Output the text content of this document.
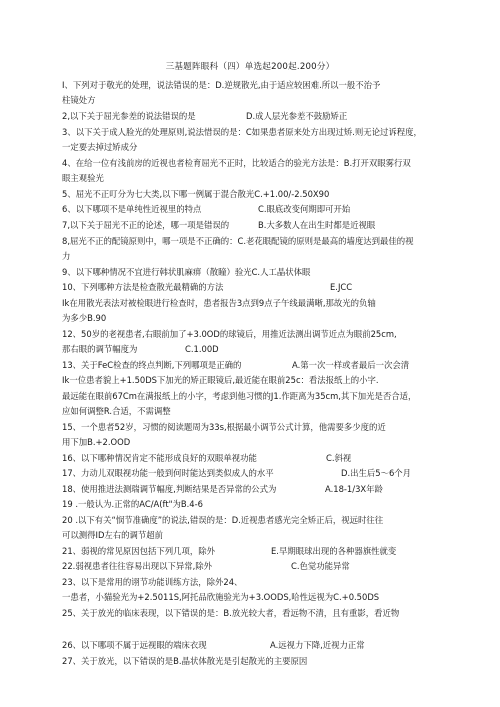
三基题阵眼科（四）单选起200起.200分）
I、下列对于敬光的处理，说法错误的是：D.逆规散光,由于适应较困难.所以一般不治予
柱镜处方
2,以下关于屈光参差的说法错误的是	D.成人层光参差不鼓励矫正
3、以下关于成人脸光的处理原则,说法惜误的是：C如果患者原来处方出现过矫.则无论过诉程度，
一定要去掉过矫成分
4、在给一位有浅前房的近视也者检育屈光不正时，比较适合的验光方法是：B.打开双眼雾行双
眼主观验光
5、屈光不正叮分为七大类,以下哪一例属于混合散光C.+1.00/-2.50X90
6、以下哪项不是单纯性近视里的特点	C.眼底改变何期即可开始
7,以下关于屈光不正的论述，哪一项是错误的	B.大多数人在出生时都是近视眼
8,屈光不正的配镜原则中，哪一项是不正确的：C.老花眼配镜的原则是最高的墙度达到最佳的视
力
9、以下哪种情况不宜进行韩状肌麻痹（散瞳）验光C.人工晶状体眼
10、下列哪种方法是检查散光最精确的方法	E.JCC
Ik在用散光表法对被检眼进行检查时，患者报告3点到9点子午线最满晰,那故光的负轴
为多少B.90
12、50岁的老视患者,右眼前加了+3.0OD的球镜后，用推近法测出调节近点为眼前25cm,
那右眼的调节幅度为	C.1.00D
13、关于FeC检查的终点判断,下列哪项是正确的	A.第一次一样或者最后一次会清
Ik一位患者貌上+1.50DS下加光的矫正眼镜后,最近能在眼前25c：看法报纸上的小字.
最远能在眼前67Cm在满报纸上的小字，考虑到他习惯的J1.作距离为35cm,其下加光是否合适，
应如何调整R.合适，不需调整
15、一个患者52岁，习惯的阅读题周为33s,根据最小调节公式计算，他需要多少度的近
用下加B.+2.OOD
16、以下哪种情况肯定不能形成良好的双眼单视功能	C.斜视
17、力动儿双眼视功能一般到何时能达到类似成人的水平	D.出生后5～6个月
18、使用推进法测瑞调节幅度,判断结果是否异常的公式为	A.18-1/3X年龄
19 .一般认为.正常的AC/A(ft"为B.4-6
20 .以下有关“悯节准确度”的说法,错误的是：D.近视患者感光完全矫正后，视远时往往
可以测得ID左右的调节超前
21、弱视的常见原因包括下列几项，除外	E.早期眼球出现的各种器旗性就变
22.弱视患者往往容易出现以下异常,除外	C.色觉功能异常
23、以下是常用的诩节功能训练方法，除外24、
一患者，小猫验光为+2.5011S,阿托品欣施验光为+3.OODS,哈性远视为C.+0.50DS
25、关于放光的临床表现，以下错误的是：B.放光较大者，看远物不清，且有重影，看近物
26、以下哪项不属于远视眼的端床衣现	A.远视力下降,近视力正常
27、关于放光，以下错误的是B.晶状体散光是引起散光的主要原因
